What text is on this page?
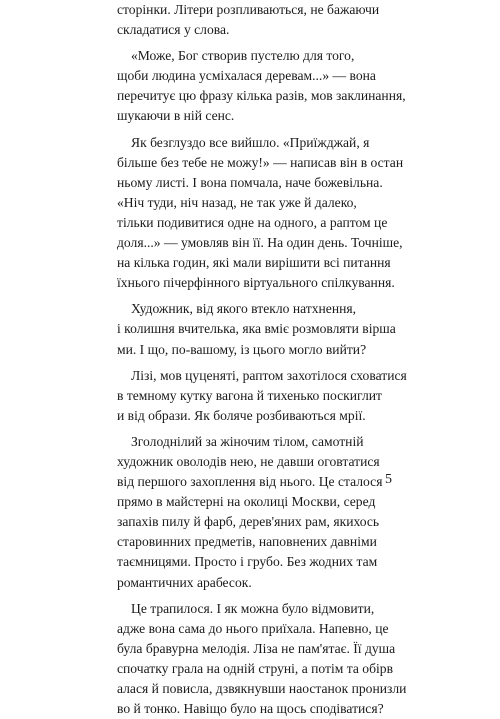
сторінки. Літери розпливаються, не бажаючи
складатися у слова.
«Може, Бог створив пустелю для того,
щоби людина усміхалася деревам...» — вона
перечитує цю фразу кілька разів, мов заклинання,
шукаючи в ній сенс.
Як безглуздо все вийшло. «Приїжджай, я
більше без тебе не можу!» — написав він в остан
ньому листі. І вона помчала, наче божевільна.
«Ніч туди, ніч назад, не так уже й далеко,
тільки подивитися одне на одного, а раптом це
доля...» — умовляв він її. На один день. Точніше,
на кілька годин, які мали вирішити всі питання
їхнього пічерфінного віртуального спілкування.
Художник, від якого втекло натхнення,
і колишня вчителька, яка вміє розмовляти вірша
ми. І що, по-вашому, із цього могло вийти?
Лізі, мов цуценяті, раптом захотілося сховатися
в темному кутку вагона й тихенько поскиглит
и від образи. Як боляче розбиваються мрії.
Зголоднілий за жіночим тілом, самотній
художник оволодів нею, не давши оговтатися
від першого захоплення від нього. Це сталося
прямо в майстерні на околиці Москви, серед
запахів пилу й фарб, дерев'яних рам, якихось
старовинних предметів, наповнених давніми
таємницями. Просто і грубо. Без жодних там
романтичних арабесок.
Це трапилося. І як можна було відмовити,
адже вона сама до нього приїхала. Напевно, це
була бравурна мелодія. Ліза не пам'ятає. Її душа
спочатку грала на одній струні, а потім та обірв
алася й повисла, дзвякнувши наостанок пронизли
во й тонко. Навіщо було на щось сподіватися?
5
